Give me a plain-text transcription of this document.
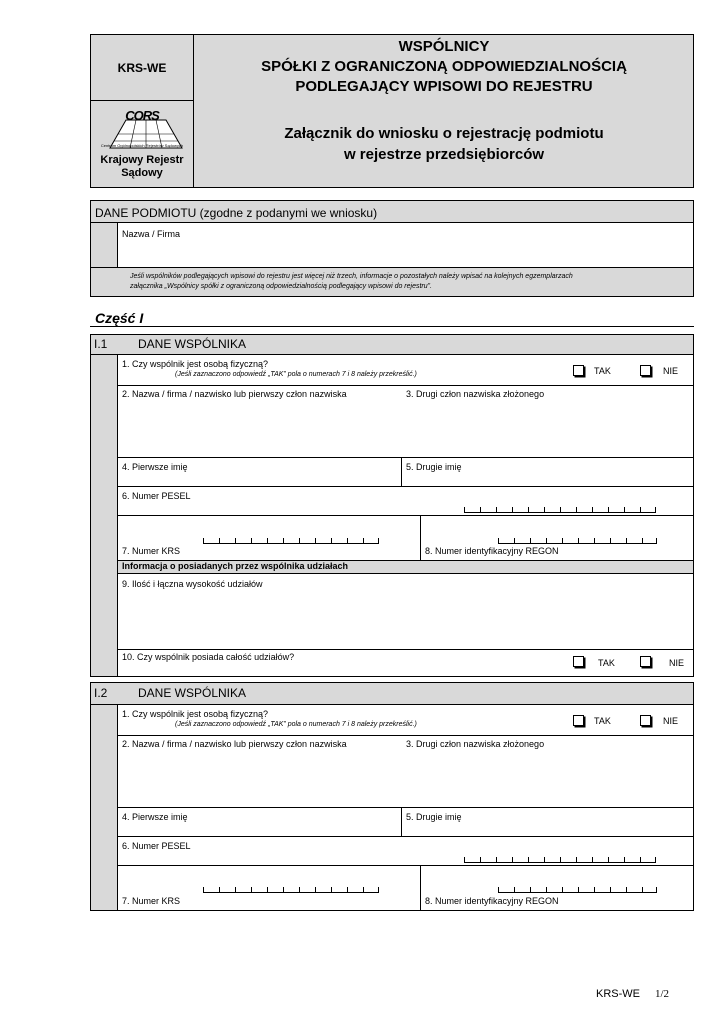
KRS-WE
CORS
Centrum Ogólnopolskich Rejestrów Sądowych
Krajowy Rejestr
Sądowy
WSPÓLNICY
SPÓŁKI Z OGRANICZONĄ ODPOWIEDZIALNOŚCIĄ
PODLEGAJĄCY WPISOWI DO REJESTRU
Załącznik do wniosku o rejestrację podmiotu
w rejestrze przedsiębiorców
DANE PODMIOTU (zgodne z podanymi we wniosku)
Nazwa / Firma
Jeśli wspólników podlegających wpisowi do rejestru jest więcej niż trzech, informacje o pozostałych należy wpisać na kolejnych egzemplarzach
załącznika „Wspólnicy spółki z ograniczoną odpowiedzialnością podlegający wpisowi do rejestru”.
Część I
I.1	DANE WSPÓLNIKA
1. Czy wspólnik jest osobą fizyczną?
(Jeśli zaznaczono odpowiedź „TAK” pola o numerach 7 i 8 należy przekreślić.)	TAK	NIE
2. Nazwa / firma / nazwisko lub pierwszy człon nazwiska	3. Drugi człon nazwiska złożonego
4. Pierwsze imię	5. Drugie imię
6. Numer PESEL
7. Numer KRS	8. Numer identyfikacyjny REGON
Informacja o posiadanych przez wspólnika udziałach
9. Ilość i łączna wysokość udziałów
10. Czy wspólnik posiada całość udziałów?
TAK	NIE
I.2	DANE WSPÓLNIKA
1. Czy wspólnik jest osobą fizyczną?
(Jeśli zaznaczono odpowiedź „TAK” pola o numerach 7 i 8 należy przekreślić.)	TAK	NIE
2. Nazwa / firma / nazwisko lub pierwszy człon nazwiska	3. Drugi człon nazwiska złożonego
4. Pierwsze imię	5. Drugie imię
6. Numer PESEL
7. Numer KRS	8. Numer identyfikacyjny REGON
KRS-WE 1/2
